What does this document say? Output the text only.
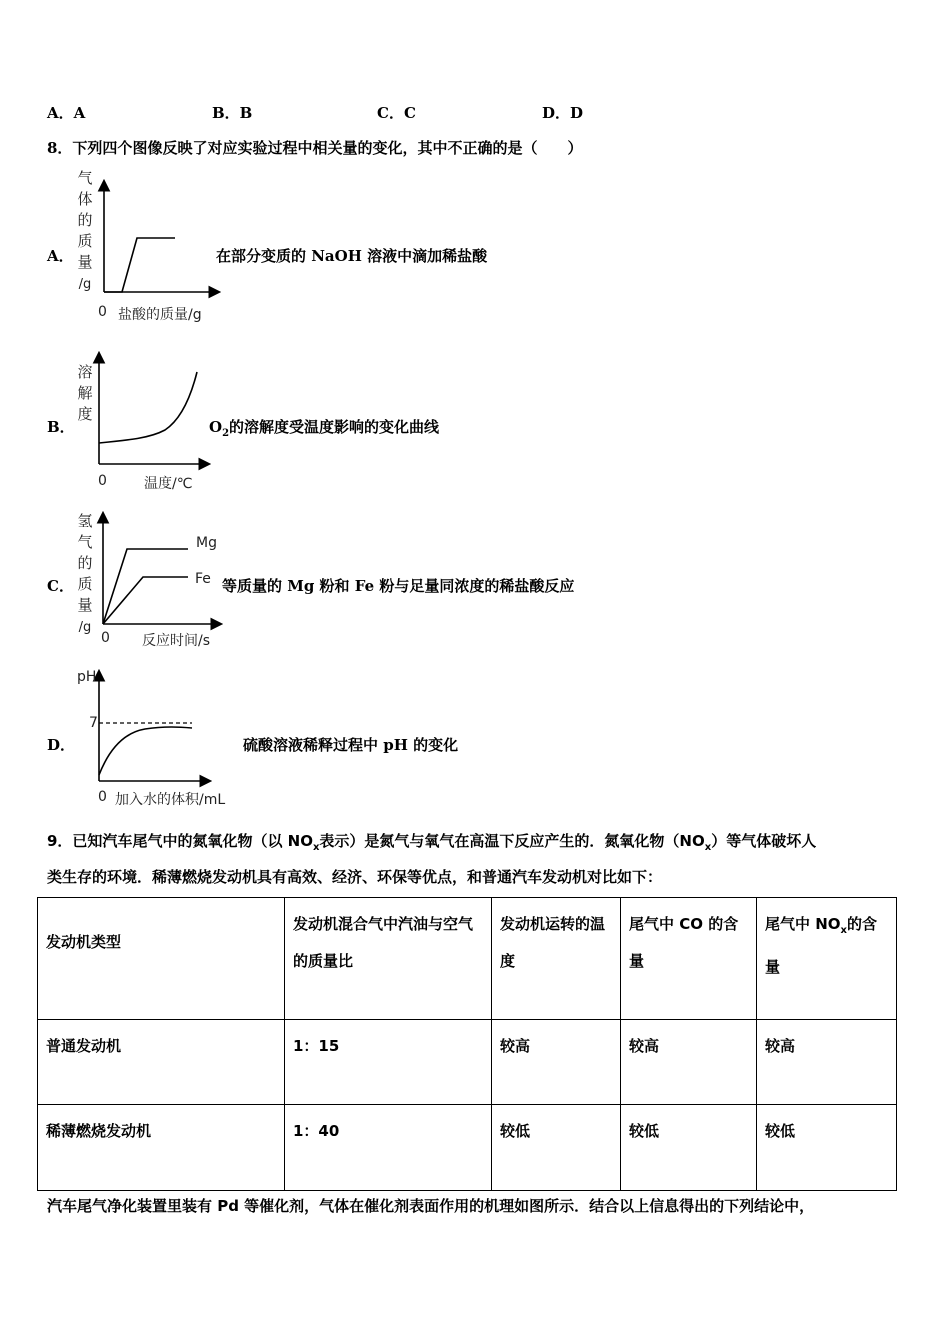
A．A	B．B	C．C	D．D
8．下列四个图像反映了对应实验过程中相关量的变化，其中不正确的是（　　）
A．
气
体
的
质
量
/g
0 盐酸的质量/g
在部分变质的 NaOH 溶液中滴加稀盐酸
B．
溶
解
度
0	温度/℃
$O_2$的溶解度受温度影响的变化曲线
C．
氢
气
的
质
量
/g
0 反应时间/s
Mg
Fe 等质量的 Mg 粉和 Fe 粉与足量同浓度的稀盐酸反应
D．
pH
7
0 加入水的体积/mL
硫酸溶液稀释过程中 pH 的变化
9．已知汽车尾气中的氮氧化物（以 $NO_x$表示）是氮气与氧气在高温下反应产生的．氮氧化物$(NO_x)$等气体破坏人
类生存的环境．稀薄燃烧发动机具有高效、经济、环保等优点，和普通汽车发动机对比如下：
发动机类型	发动机混合气中汽油与空气的质量比	发动机运转的温度	尾气中 CO 的含量	尾气中 $NO_x$的含量
普通发动机	1：15	较高	较高	较高
稀薄燃烧发动机	1：40	较低	较低	较低
汽车尾气净化装置里装有 Pd 等催化剂，气体在催化剂表面作用的机理如图所示．结合以上信息得出的下列结论中，
